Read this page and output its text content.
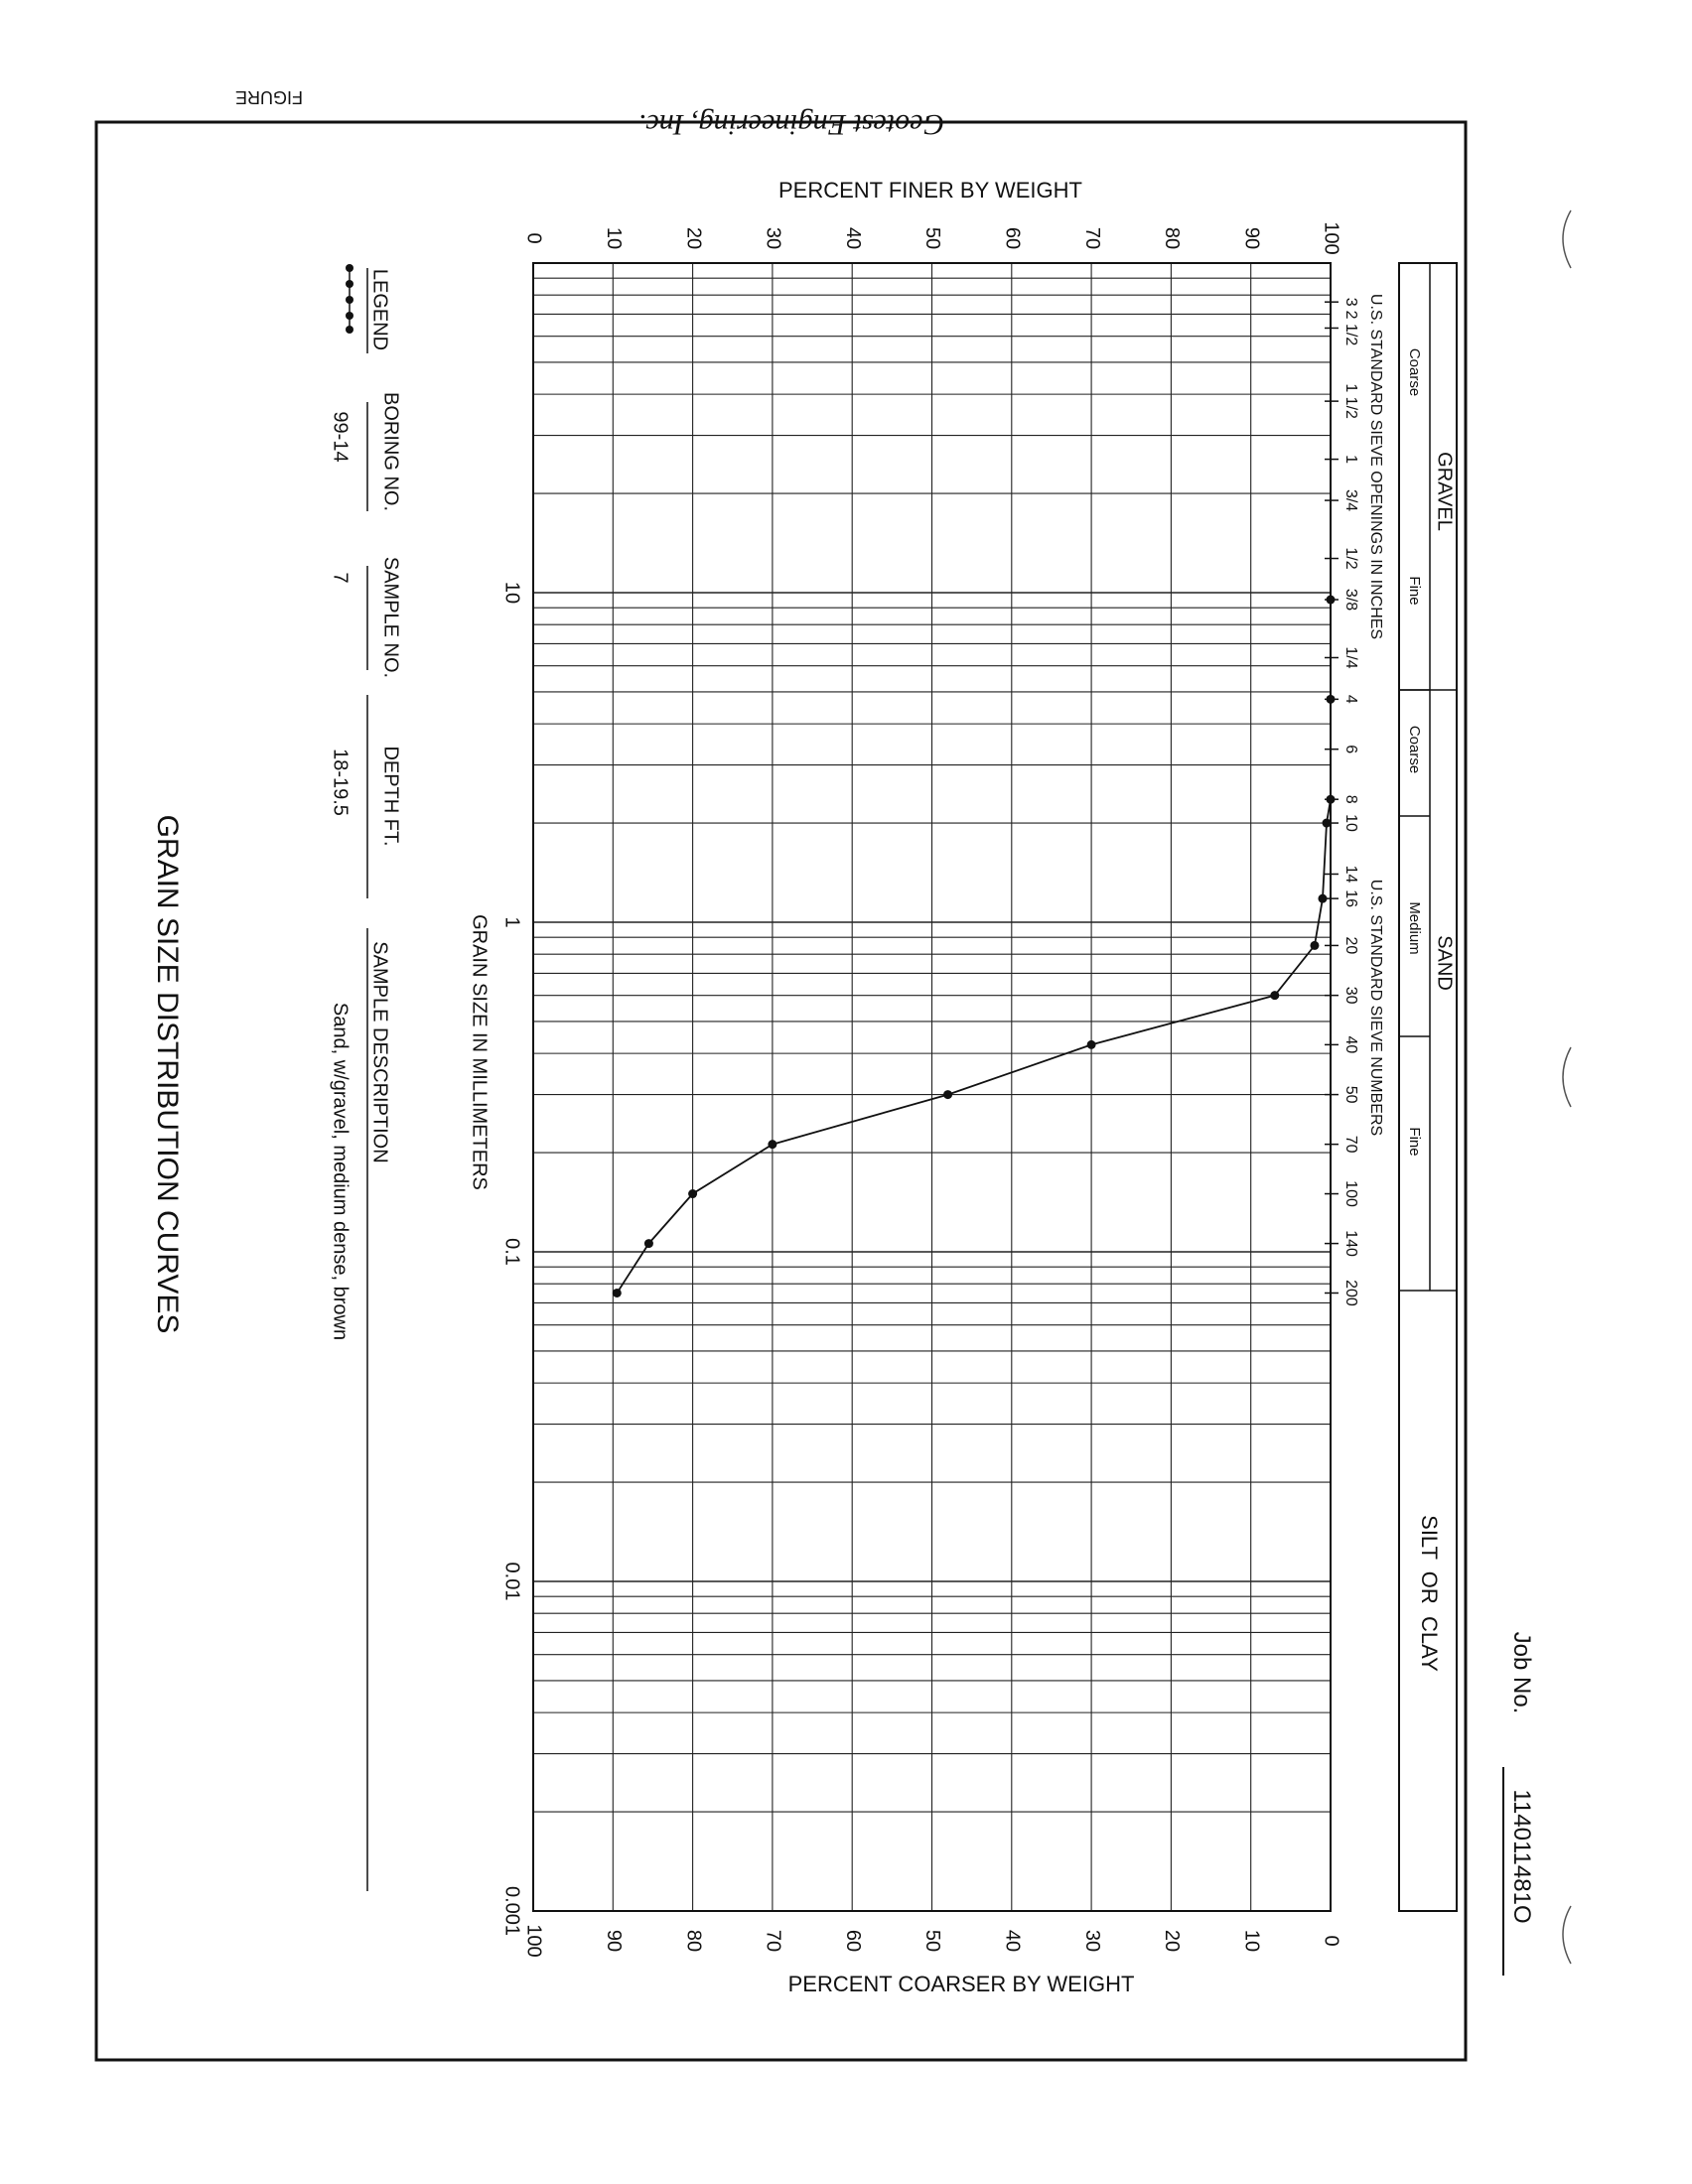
FIGURE
Geotest Engineering, Inc.
Job No.
114011481O
GRAVEL
Coarse
Fine
SAND
Coarse
Medium
Fine
SILT  OR  CLAY
U.S. STANDARD SIEVE OPENINGS IN INCHES
U.S. STANDARD SIEVE NUMBERS
3
2 1/2
1 1/2
1
3/4
1/2
3/8
1/4
4
6
8
10
14
16
20
30
40
50
70
100
140
200
0	10	20	30	40	50	60	70	80	90	100
100	90	80	70	60	50	40	30	20	10	0
10
1
0.1
0.01
0.001
PERCENT FINER BY WEIGHT
PERCENT COARSER BY WEIGHT
GRAIN SIZE IN MILLIMETERS
LEGEND
BORING NO.
99-14
SAMPLE NO.
7
DEPTH FT.
18-19.5
SAMPLE DESCRIPTION
Sand, w/gravel, medium dense, brown
GRAIN SIZE DISTRIBUTION CURVES
